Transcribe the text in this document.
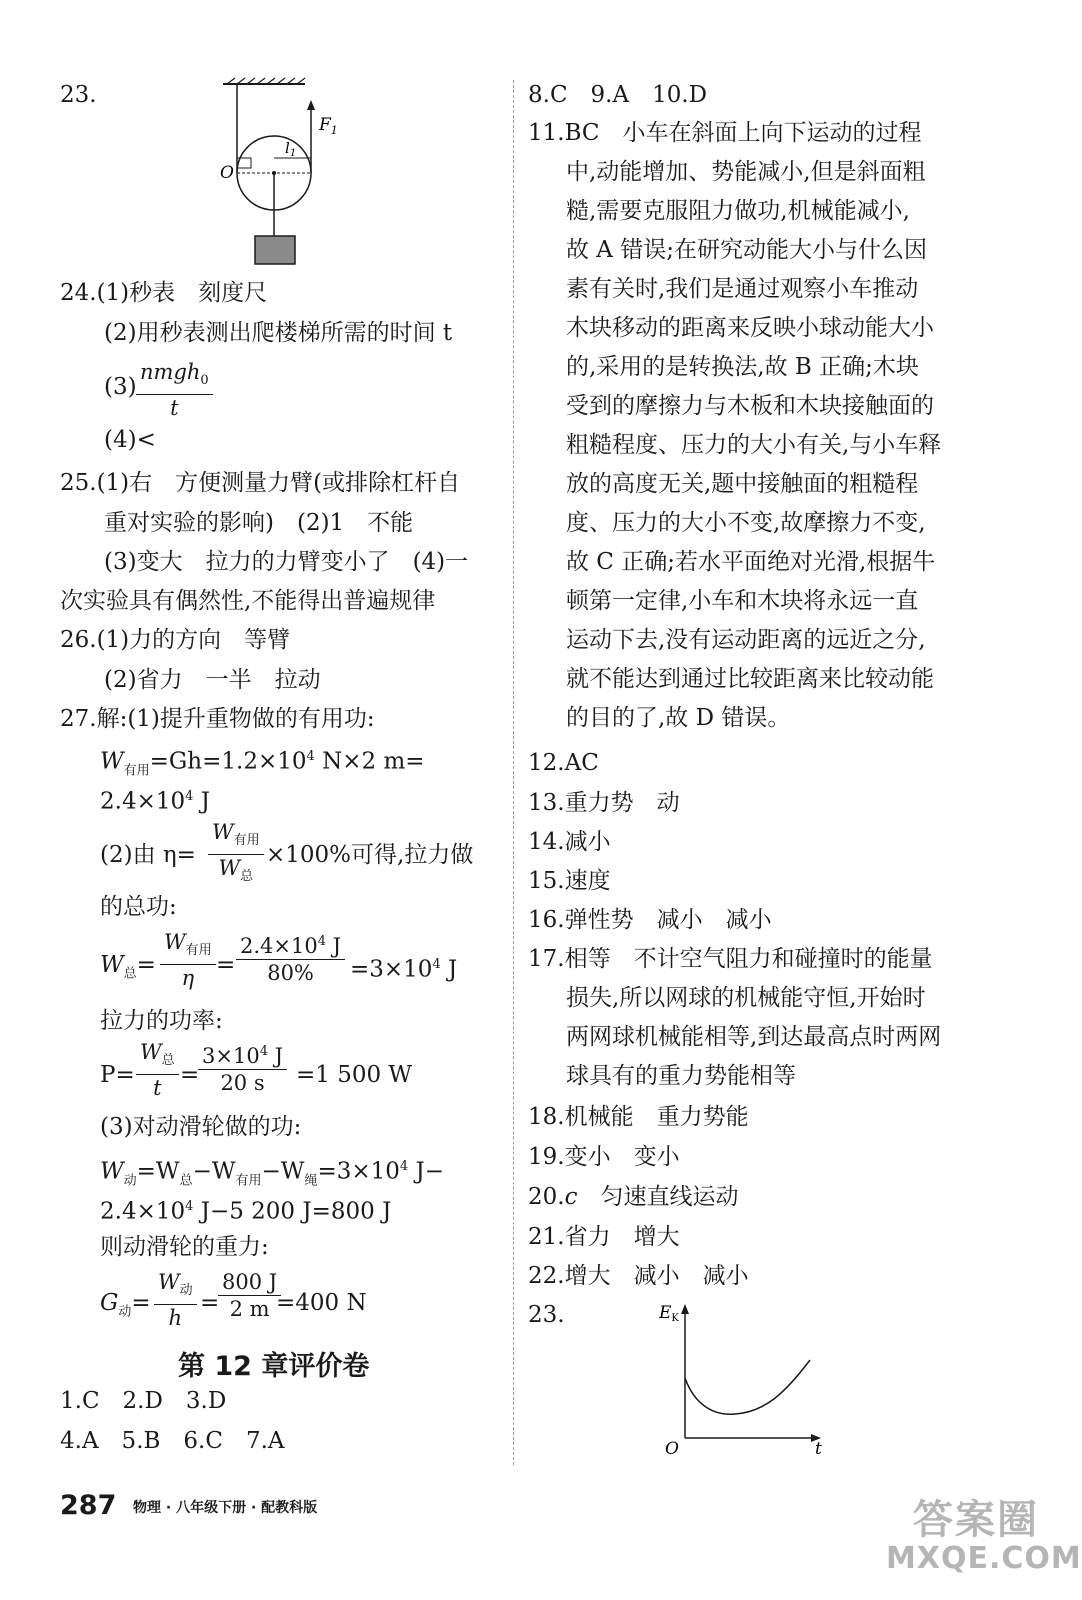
23.
$F_1$
$l_1$
O
24.(1)秒表　刻度尺
(2)用秒表测出爬楼梯所需的时间 t
(3)
nmgh$_0$
t
(4)<
25.(1)右　方便测量力臂(或排除杠杆自
重对实验的影响)　(2)1　不能
(3)变大　拉力的力臂变小了　(4)一
次实验具有偶然性,不能得出普遍规律
26.(1)力的方向　等臂
(2)省力　一半　拉动
27.解:(1)提升重物做的有用功:
$W_{有用}=Gh=1.2\times 10^4$ N×2 m=
$2.4\times 10^4$ J
(2)由 η=
$W_{有用}$
$W_总$
×100%可得,拉力做
的总功:
$W_总=$
$W_{有用}$
η
= $\frac{2.4\times 10^4 J}{80\%} =3\times 10^4$ J
拉力的功率:
P=
$W_总$
t
=
$\frac{3\times 10^4 J}{20 s} =1$ 500 W
(3)对动滑轮做的功:
$W_动=W_总-W_{有用}-W_绳=3\times 10^4$ J−
$2.4\times 10^4$ J−5 200 J=800 J
则动滑轮的重力:
$G_动=$
$W_动$
h
=
$\frac{800 J}{2 m}$
=400 N
第 12 章评价卷
1.C　2.D　3.D
4.A　5.B　6.C　7.A
8.C　9.A　10.D
11.BC　小车在斜面上向下运动的过程
中,动能增加、势能减小,但是斜面粗
糙,需要克服阻力做功,机械能减小,
故 A 错误;在研究动能大小与什么因
素有关时,我们是通过观察小车推动
木块移动的距离来反映小球动能大小
的,采用的是转换法,故 B 正确;木块
受到的摩擦力与木板和木块接触面的
粗糙程度、压力的大小有关,与小车释
放的高度无关,题中接触面的粗糙程
度、压力的大小不变,故摩擦力不变,
故 C 正确;若水平面绝对光滑,根据牛
顿第一定律,小车和木块将永远一直
运动下去,没有运动距离的远近之分,
就不能达到通过比较距离来比较动能
的目的了,故 D 错误。
12.AC
13.重力势　动
14.减小
15.速度
16.弹性势　减小　减小
17.相等　不计空气阻力和碰撞时的能量
损失,所以网球的机械能守恒,开始时
两网球机械能相等,到达最高点时两网
球具有的重力势能相等
18.机械能　重力势能
19.变小　变小
20.c　匀速直线运动
21.省力　增大
22.增大　减小　减小
23.	EK
t
O
287 物理 · 八年级下册 · 配教科版	答案圈
MXQE.COM
